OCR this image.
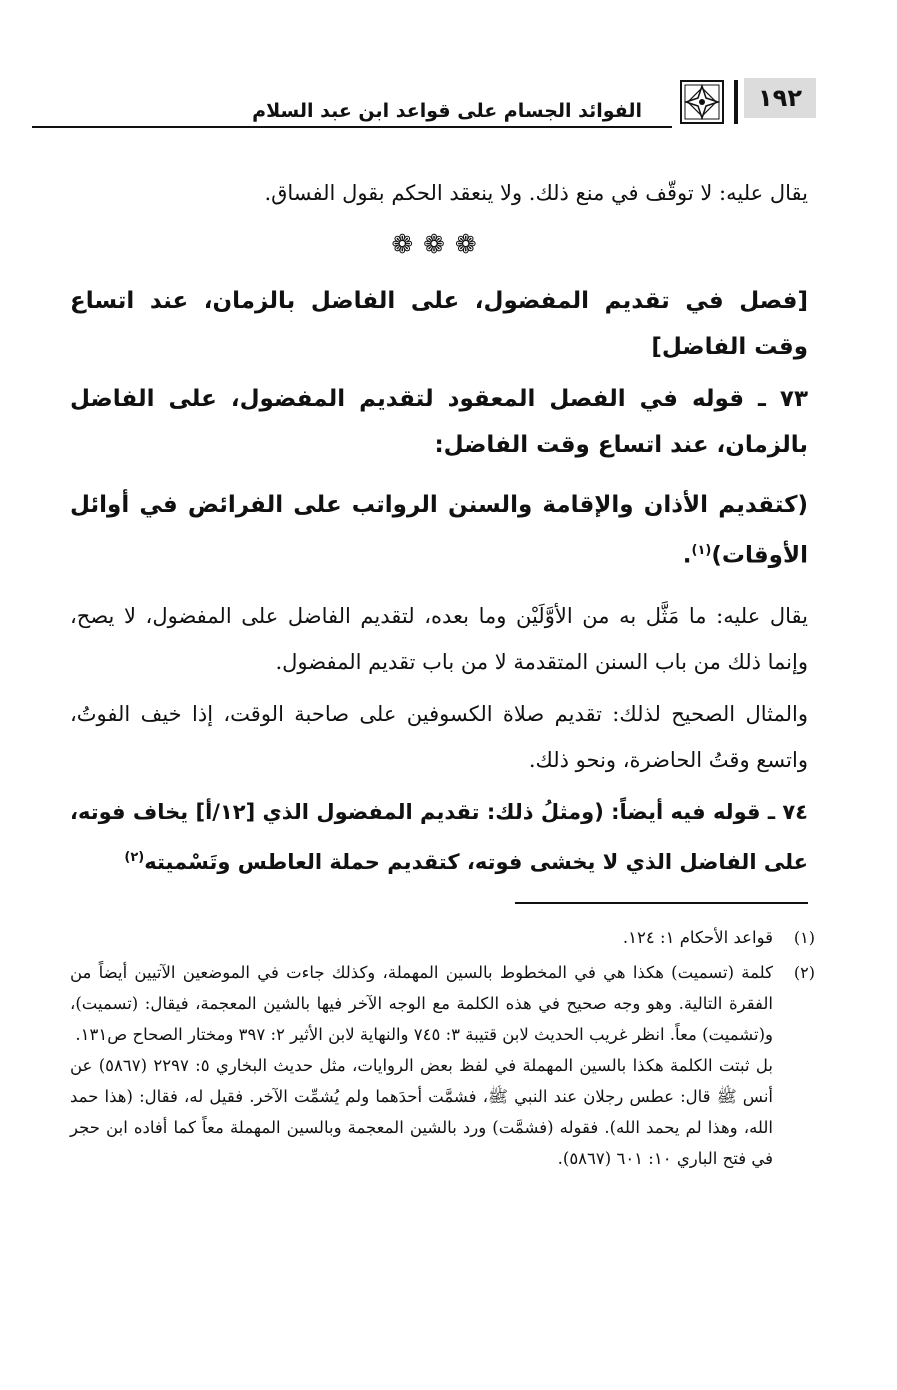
الفوائد الجسام على قواعد ابن عبد السلام	١٩٢

يقال عليه: لا توقّف في منع ذلك. ولا ينعقد الحكم بقول الفساق.

❁❁❁

[فصل في تقديم المفضول، على الفاضل بالزمان، عند اتساع وقت الفاضل]

٧٣ ـ قوله في الفصل المعقود لتقديم المفضول، على الفاضل بالزمان، عند اتساع وقت الفاضل:

(كتقديم الأذان والإقامة والسنن الرواتب على الفرائض في أوائل الأوقات)$^{(١)}$.

يقال عليه: ما مَثَّل به من الأوَّلَيْن وما بعده، لتقديم الفاضل على المفضول، لا يصح، وإنما ذلك من باب السنن المتقدمة لا من باب تقديم المفضول.

والمثال الصحيح لذلك: تقديم صلاة الكسوفين على صاحبة الوقت، إذا خيف الفوتُ، واتسع وقتُ الحاضرة، ونحو ذلك.

٧٤ ـ قوله فيه أيضاً: (ومثلُ ذلك: تقديم المفضول الذي [١٢/أ] يخاف فوته، على الفاضل الذي لا يخشى فوته، كتقديم حملة العاطس وتَسْميته$^{(٢)}$

(١)
قواعد الأحكام ١: ١٢٤.
(٢)
كلمة (تسميت) هكذا هي في المخطوط بالسين المهملة، وكذلك جاءت في الموضعين الآتيين أيضاً من الفقرة التالية. وهو وجه صحيح في هذه الكلمة مع الوجه الآخر فيها بالشين المعجمة، فيقال: (تسميت)، و(تشميت) معاً. انظر غريب الحديث لابن قتيبة ٣: ٧٤٥ والنهاية لابن الأثير ٢: ٣٩٧ ومختار الصحاح ص١٣١.
بل ثبتت الكلمة هكذا بالسين المهملة في لفظ بعض الروايات، مثل حديث البخاري ٥: ٢٢٩٧ (٥٨٦٧) عن أنس ﷺ قال: عطس رجلان عند النبي ﷺ، فشمَّت أحدَهما ولم يُشمِّت الآخر. فقيل له، فقال: (هذا حمد الله، وهذا لم يحمد الله). فقوله (فشمَّت) ورد بالشين المعجمة وبالسين المهملة معاً كما أفاده ابن حجر في فتح الباري ١٠: ٦٠١ (٥٨٦٧).
